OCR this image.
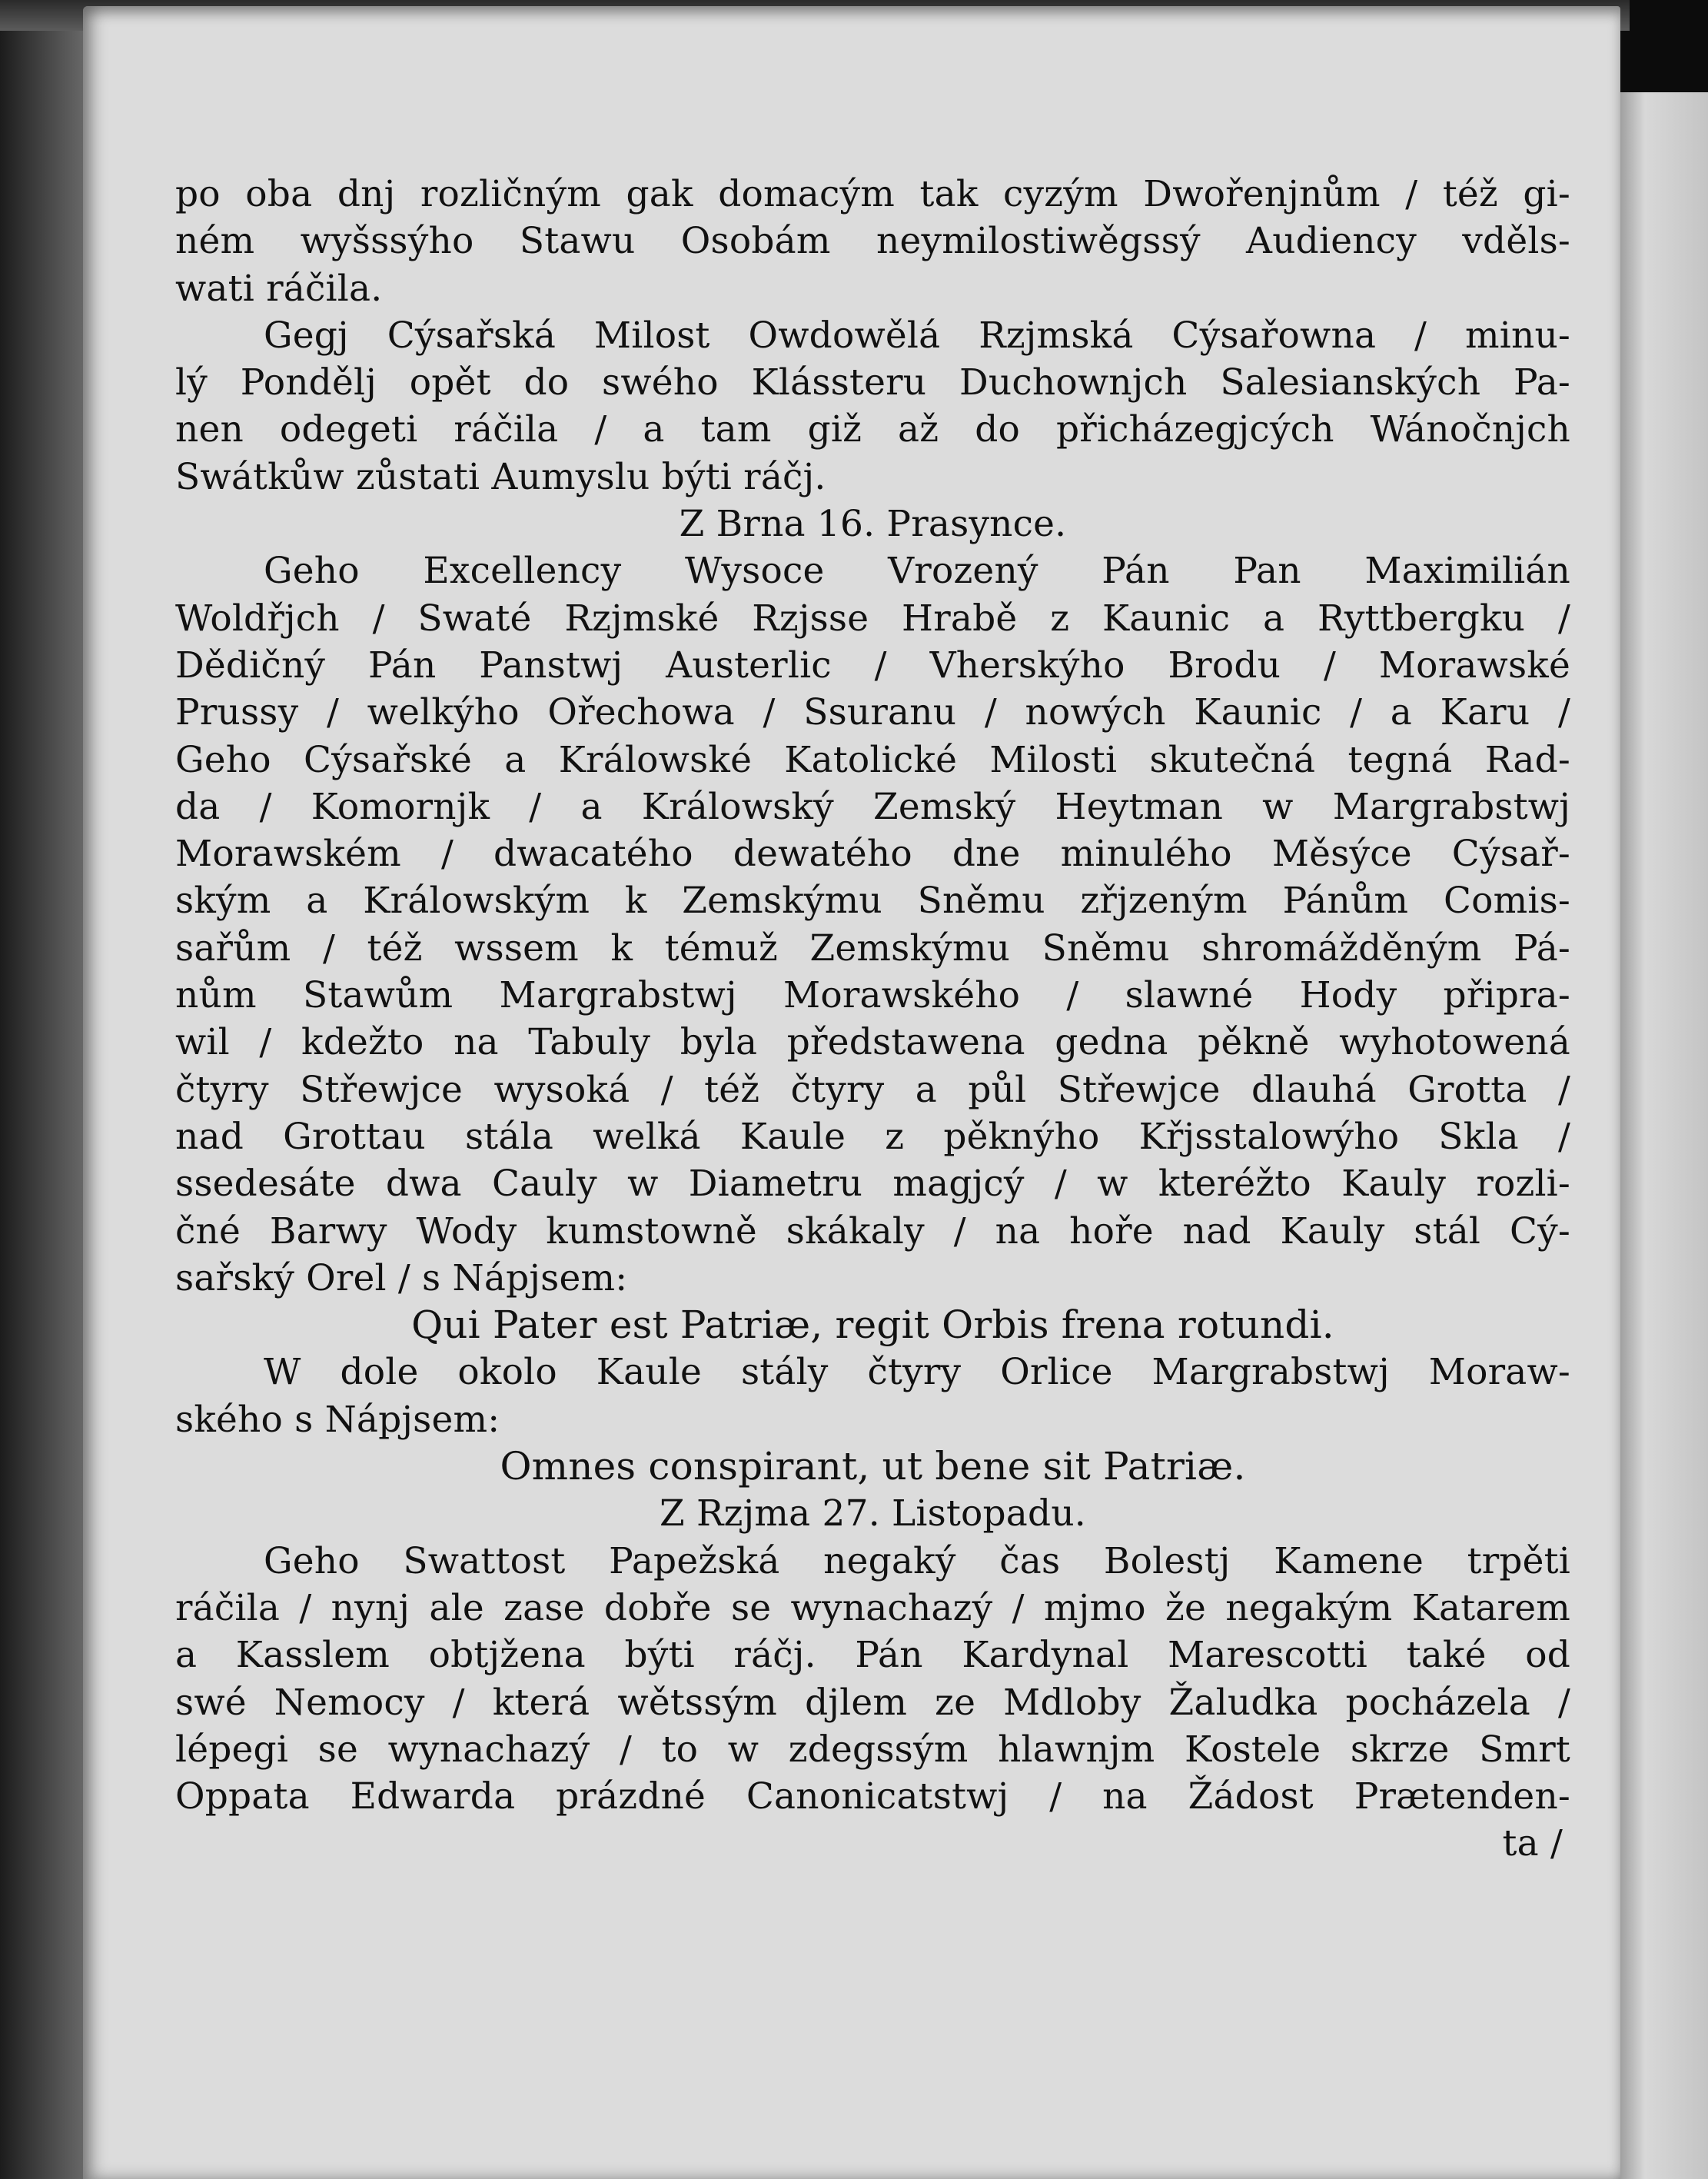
po oba dnj rozličným gak domacým tak cyzým Dwořenjnům / též gi-
ném wyšssýho Stawu Osobám neymilostiwěgssý Audiency vděls-
wati ráčila.
Gegj Cýsařská Milost Owdowělá Rzjmská Cýsařowna / minu-
lý Pondělj opět do swého Klássteru Duchownjch Salesianských Pa-
nen odegeti ráčila / a tam giž až do přicházegjcých Wánočnjch
Swátkůw zůstati Aumyslu býti ráčj.
Z Brna 16. Prasynce.
Geho Excellency Wysoce Vrozený Pán Pan Maximilián
Woldřjch / Swaté Rzjmské Rzjsse Hrabě z Kaunic a Ryttbergku /
Dědičný Pán Panstwj Austerlic / Vherskýho Brodu / Morawské
Prussy / welkýho Ořechowa / Ssuranu / nowých Kaunic / a Karu /
Geho Cýsařské a Králowské Katolické Milosti skutečná tegná Rad-
da / Komornjk / a Králowský Zemský Heytman w Margrabstwj
Morawském / dwacatého dewatého dne minulého Měsýce Cýsař-
ským a Králowským k Zemskýmu Sněmu zřjzeným Pánům Comis-
sařům / též wssem k témuž Zemskýmu Sněmu shromážděným Pá-
nům Stawům Margrabstwj Morawského / slawné Hody připra-
wil / kdežto na Tabuly byla předstawena gedna pěkně wyhotowená
čtyry Střewjce wysoká / též čtyry a půl Střewjce dlauhá Grotta /
nad Grottau stála welká Kaule z pěknýho Křjsstalowýho Skla /
ssedesáte dwa Cauly w Diametru magjcý / w kteréžto Kauly rozli-
čné Barwy Wody kumstowně skákaly / na hoře nad Kauly stál Cý-
sařský Orel / s Nápjsem:
Qui Pater est Patriæ, regit Orbis frena rotundi.
W dole okolo Kaule stály čtyry Orlice Margrabstwj Moraw-
ského s Nápjsem:
Omnes conspirant, ut bene sit Patriæ.
Z Rzjma 27. Listopadu.
Geho Swattost Papežská negaký čas Bolestj Kamene trpěti
ráčila / nynj ale zase dobře se wynachazý / mjmo že negakým Katarem
a Kasslem obtjžena býti ráčj. Pán Kardynal Marescotti také od
swé Nemocy / která wětssým djlem ze Mdloby Žaludka pocházela /
lépegi se wynachazý / to w zdegssým hlawnjm Kostele skrze Smrt
Oppata Edwarda prázdné Canonicatstwj / na Žádost Prætenden-
ta /
